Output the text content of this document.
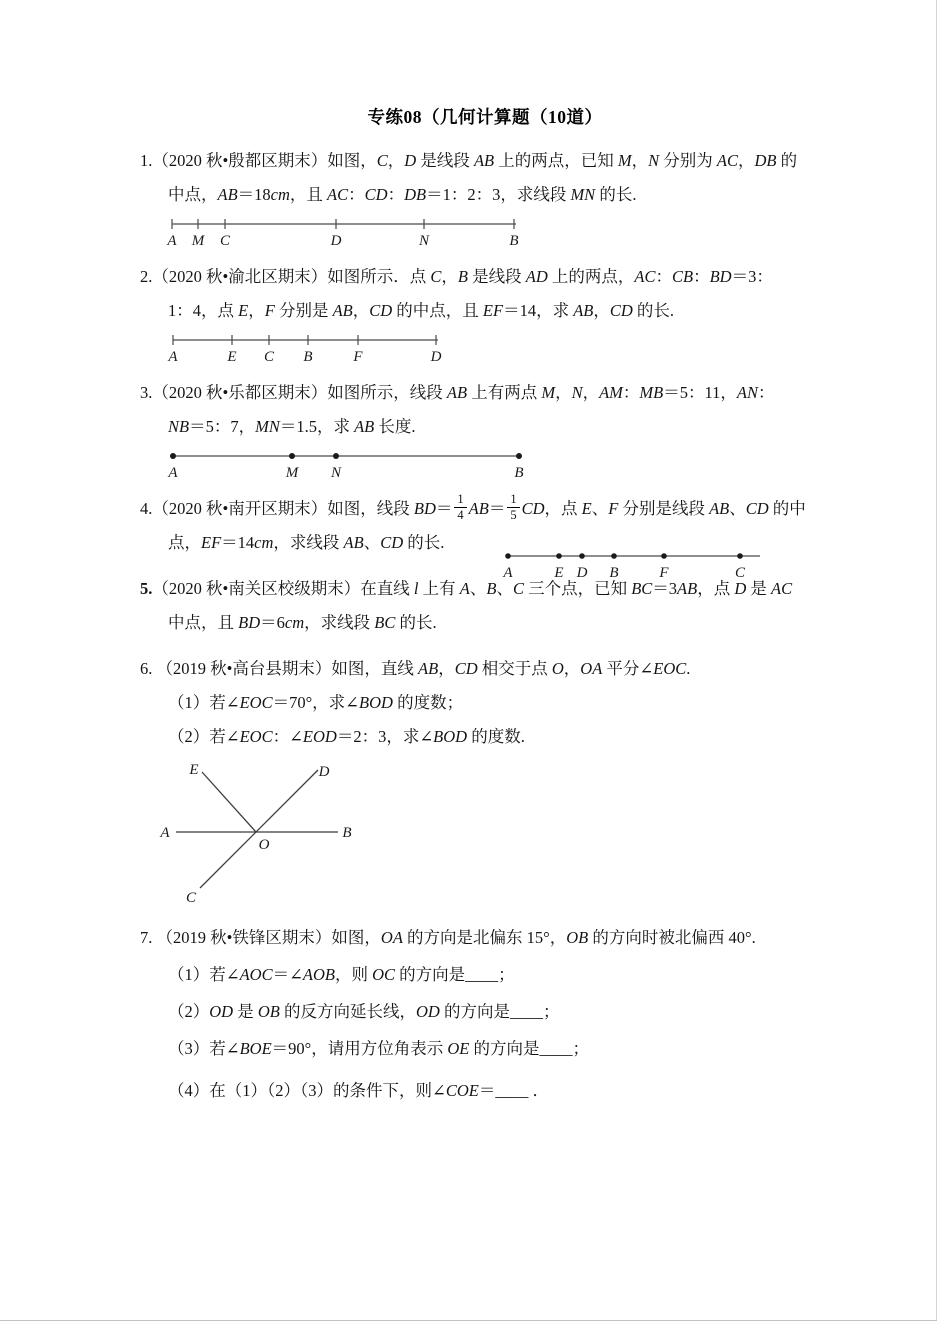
专练08（几何计算题（10道）
1.（2020 秋•殷都区期末）如图，C，D 是线段 AB 上的两点，已知 M，N 分别为 AC，DB 的
中点，AB＝18cm，且 AC：CD：DB＝1：2：3，求线段 MN 的长.
A M C	D	N	B
2.（2020 秋•渝北区期末）如图所示．点 C，B 是线段 AD 上的两点，AC：CB：BD＝3：
1：4，点 E，F 分别是 AB，CD 的中点，且 EF＝14，求 AB，CD 的长.
A	E C B	F	D
3.（2020 秋•乐都区期末）如图所示，线段 AB 上有两点 M，N，AM：MB＝5：11，AN：
NB＝5：7，MN＝1.5，求 AB 长度.
A	M N	B
4.（2020 秋•南开区期末）如图，线段 $BD= \frac{1}{4} AB= \frac{1}{5}$ CD，点 E、F 分别是线段 AB、CD 的中
点，EF＝14cm，求线段 AB、CD 的长.
A	E D B	F	C
5.（2020 秋•南关区校级期末）在直线 l 上有 A、B、C 三个点，已知 BC＝3AB，点 D 是 AC
中点，且 BD＝6cm，求线段 BC 的长.
6. （2019 秋•高台县期末）如图，直线 AB，CD 相交于点 O，OA 平分∠EOC.
（1）若∠EOC＝70°，求∠BOD 的度数；
（2）若∠EOC：∠EOD＝2：3，求∠BOD 的度数.
E	D
A
O
B
C
7. （2019 秋•铁锋区期末）如图，OA 的方向是北偏东 15°，OB 的方向时被北偏西 40°.
（1）若∠AOC＝∠AOB，则 OC 的方向是____；
（2）OD 是 OB 的反方向延长线，OD 的方向是____；
（3）若∠BOE＝90°，请用方位角表示 OE 的方向是____；
（4）在（1）（2）（3）的条件下，则∠COE＝____ ．
